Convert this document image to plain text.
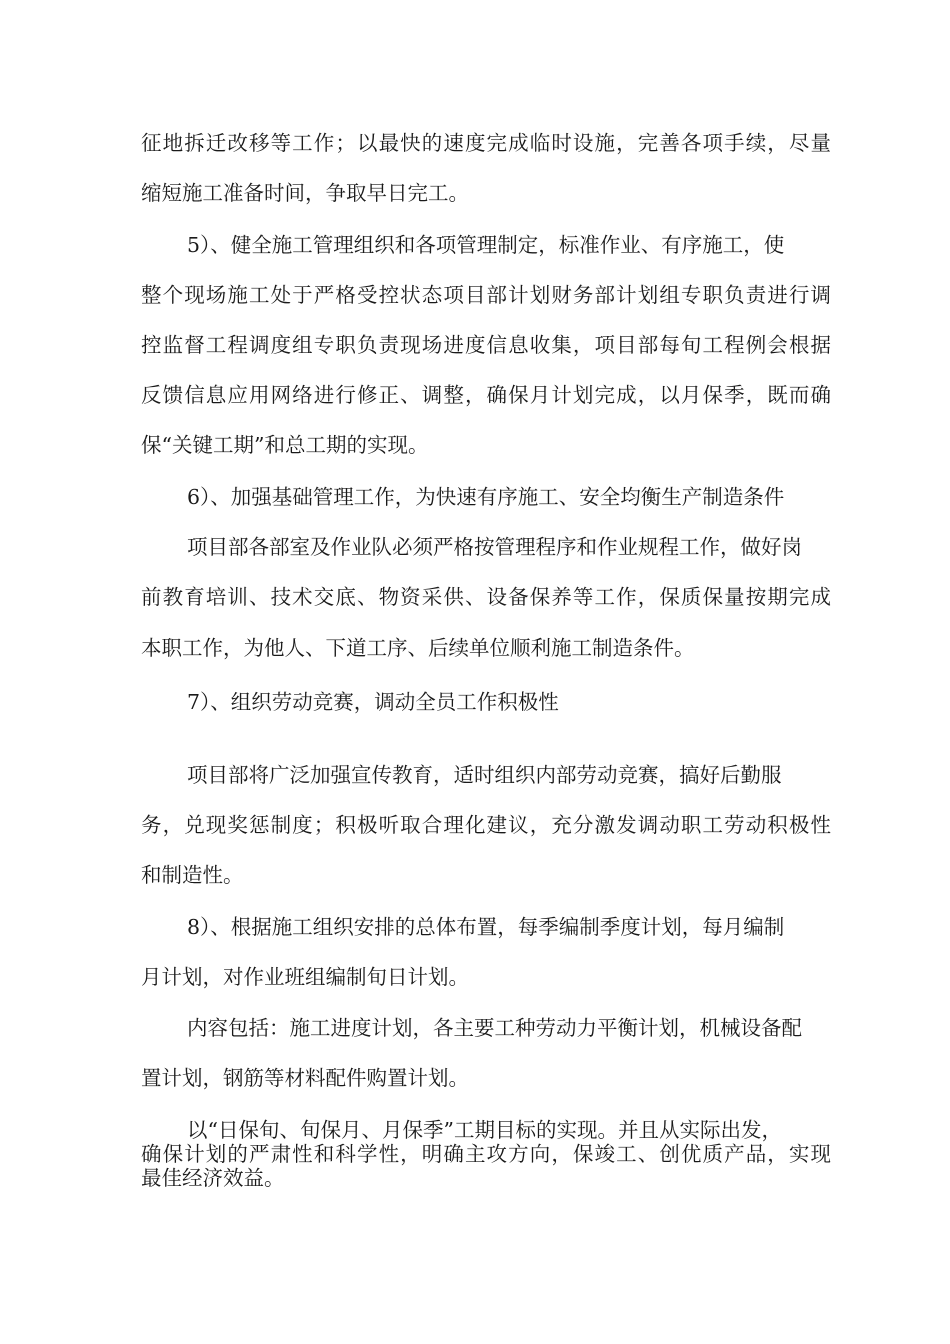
征地拆迁改移等工作；以最快的速度完成临时设施，完善各项手续，尽量
缩短施工准备时间，争取早日完工。
5）、健全施工管理组织和各项管理制定，标准作业、有序施工，使
整个现场施工处于严格受控状态项目部计划财务部计划组专职负责进行调
控监督工程调度组专职负责现场进度信息收集，项目部每旬工程例会根据
反馈信息应用网络进行修正、调整，确保月计划完成，以月保季，既而确
保“关键工期”和总工期的实现。
6）、加强基础管理工作，为快速有序施工、安全均衡生产制造条件
项目部各部室及作业队必须严格按管理程序和作业规程工作，做好岗
前教育培训、技术交底、物资采供、设备保养等工作，保质保量按期完成
本职工作，为他人、下道工序、后续单位顺利施工制造条件。
7）、组织劳动竞赛，调动全员工作积极性
项目部将广泛加强宣传教育，适时组织内部劳动竞赛，搞好后勤服
务，兑现奖惩制度；积极听取合理化建议，充分激发调动职工劳动积极性
和制造性。
8）、根据施工组织安排的总体布置，每季编制季度计划，每月编制
月计划，对作业班组编制旬日计划。
内容包括：施工进度计划，各主要工种劳动力平衡计划，机械设备配
置计划，钢筋等材料配件购置计划。
以“日保旬、旬保月、月保季”工期目标的实现。并且从实际出发，
确保计划的严肃性和科学性，明确主攻方向，保竣工、创优质产品，实现
最佳经济效益。
